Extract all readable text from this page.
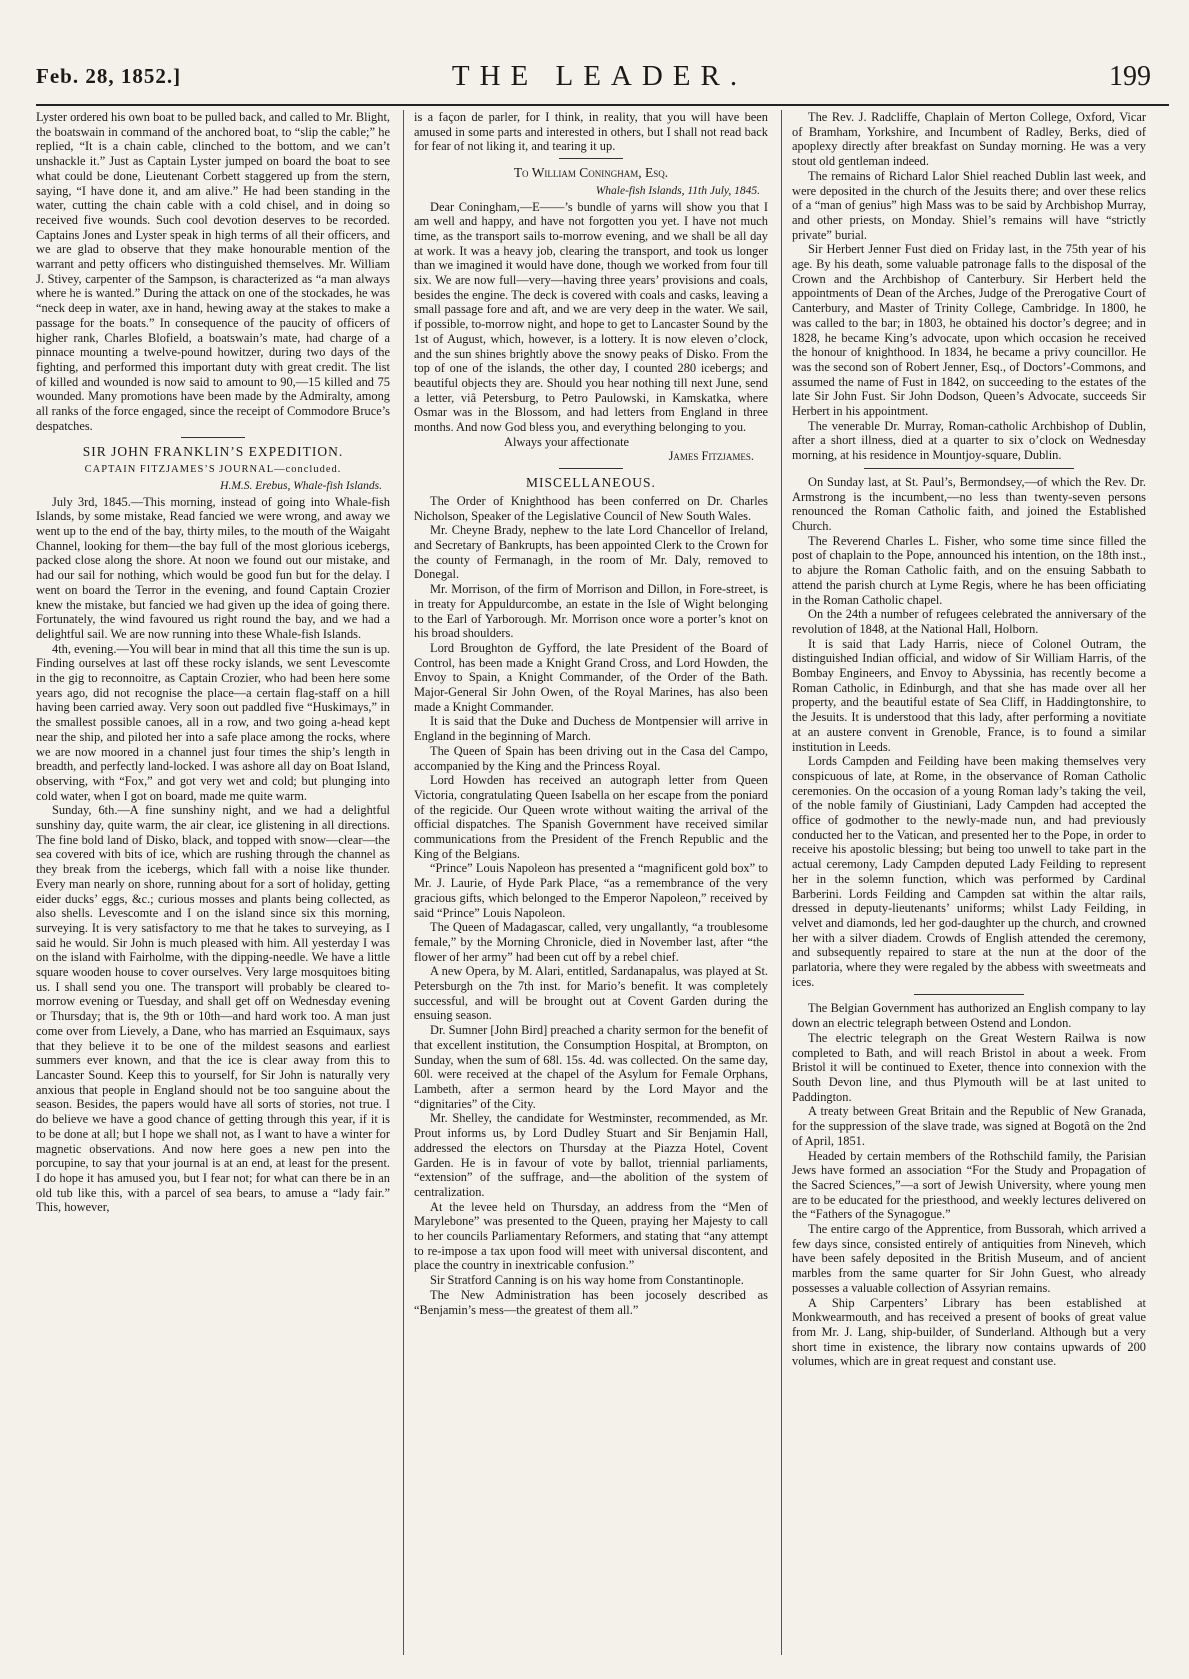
Feb. 28, 1852.]	THE LEADER.	199

Lyster ordered his own boat to be pulled back, and called to Mr. Blight, the boatswain in command of the anchored boat, to “slip the cable;” he replied, “It is a chain cable, clinched to the bottom, and we can’t unshackle it.” Just as Captain Lyster jumped on board the boat to see what could be done, Lieutenant Corbett staggered up from the stern, saying, “I have done it, and am alive.” He had been standing in the water, cutting the chain cable with a cold chisel, and in doing so received five wounds. Such cool devotion deserves to be recorded. Captains Jones and Lyster speak in high terms of all their officers, and we are glad to observe that they make honourable mention of the warrant and petty officers who distinguished themselves. Mr. William J. Stivey, carpenter of the Sampson, is characterized as “a man always where he is wanted.” During the attack on one of the stockades, he was “neck deep in water, axe in hand, hewing away at the stakes to make a passage for the boats.” In consequence of the paucity of officers of higher rank, Charles Blofield, a boatswain’s mate, had charge of a pinnace mounting a twelve-pound howitzer, during two days of the fighting, and performed this important duty with great credit. The list of killed and wounded is now said to amount to 90,—15 killed and 75 wounded. Many promotions have been made by the Admiralty, among all ranks of the force engaged, since the receipt of Commodore Bruce’s despatches.

SIR JOHN FRANKLIN’S EXPEDITION.
CAPTAIN FITZJAMES’S JOURNAL—concluded.
H.M.S. Erebus, Whale-fish Islands.

July 3rd, 1845.—This morning, instead of going into Whale-fish Islands, by some mistake, Read fancied we were wrong, and away we went up to the end of the bay, thirty miles, to the mouth of the Waigaht Channel, looking for them—the bay full of the most glorious icebergs, packed close along the shore. At noon we found out our mistake, and had our sail for nothing, which would be good fun but for the delay. I went on board the Terror in the evening, and found Captain Crozier knew the mistake, but fancied we had given up the idea of going there. Fortunately, the wind favoured us right round the bay, and we had a delightful sail. We are now running into these Whale-fish Islands.

4th, evening.—You will bear in mind that all this time the sun is up. Finding ourselves at last off these rocky islands, we sent Levescomte in the gig to reconnoitre, as Captain Crozier, who had been here some years ago, did not recognise the place—a certain flag-staff on a hill having been carried away. Very soon out paddled five “Huskimays,” in the smallest possible canoes, all in a row, and two going a-head kept near the ship, and piloted her into a safe place among the rocks, where we are now moored in a channel just four times the ship’s length in breadth, and perfectly land-locked. I was ashore all day on Boat Island, observing, with “Fox,” and got very wet and cold; but plunging into cold water, when I got on board, made me quite warm.

Sunday, 6th.—A fine sunshiny night, and we had a delightful sunshiny day, quite warm, the air clear, ice glistening in all directions. The fine bold land of Disko, black, and topped with snow—clear—the sea covered with bits of ice, which are rushing through the channel as they break from the icebergs, which fall with a noise like thunder. Every man nearly on shore, running about for a sort of holiday, getting eider ducks’ eggs, &c.; curious mosses and plants being collected, as also shells. Levescomte and I on the island since six this morning, surveying. It is very satisfactory to me that he takes to surveying, as I said he would. Sir John is much pleased with him. All yesterday I was on the island with Fairholme, with the dipping-needle. We have a little square wooden house to cover ourselves. Very large mosquitoes biting us. I shall send you one. The transport will probably be cleared to-morrow evening or Tuesday, and shall get off on Wednesday evening or Thursday; that is, the 9th or 10th—and hard work too. A man just come over from Lievely, a Dane, who has married an Esquimaux, says that they believe it to be one of the mildest seasons and earliest summers ever known, and that the ice is clear away from this to Lancaster Sound. Keep this to yourself, for Sir John is naturally very anxious that people in England should not be too sanguine about the season. Besides, the papers would have all sorts of stories, not true. I do believe we have a good chance of getting through this year, if it is to be done at all; but I hope we shall not, as I want to have a winter for magnetic observations. And now here goes a new pen into the porcupine, to say that your journal is at an end, at least for the present. I do hope it has amused you, but I fear not; for what can there be in an old tub like this, with a parcel of sea bears, to amuse a “lady fair.” This, however,

is a façon de parler, for I think, in reality, that you will have been amused in some parts and interested in others, but I shall not read back for fear of not liking it, and tearing it up.

To William Coningham, Esq.
Whale-fish Islands, 11th July, 1845.

Dear Coningham,—E——’s bundle of yarns will show you that I am well and happy, and have not forgotten you yet. I have not much time, as the transport sails to-morrow evening, and we shall be all day at work. It was a heavy job, clearing the transport, and took us longer than we imagined it would have done, though we worked from four till six. We are now full—very—having three years’ provisions and coals, besides the engine. The deck is covered with coals and casks, leaving a small passage fore and aft, and we are very deep in the water. We sail, if possible, to-morrow night, and hope to get to Lancaster Sound by the 1st of August, which, however, is a lottery. It is now eleven o’clock, and the sun shines brightly above the snowy peaks of Disko. From the top of one of the islands, the other day, I counted 280 icebergs; and beautiful objects they are. Should you hear nothing till next June, send a letter, viâ Petersburg, to Petro Paulowski, in Kamskatka, where Osmar was in the Blossom, and had letters from England in three months. And now God bless you, and everything belonging to you.

Always your affectionate

James Fitzjames.
MISCELLANEOUS.

The Order of Knighthood has been conferred on Dr. Charles Nicholson, Speaker of the Legislative Council of New South Wales.

Mr. Cheyne Brady, nephew to the late Lord Chancellor of Ireland, and Secretary of Bankrupts, has been appointed Clerk to the Crown for the county of Fermanagh, in the room of Mr. Daly, removed to Donegal.

Mr. Morrison, of the firm of Morrison and Dillon, in Fore-street, is in treaty for Appuldurcombe, an estate in the Isle of Wight belonging to the Earl of Yarborough. Mr. Morrison once wore a porter’s knot on his broad shoulders.

Lord Broughton de Gyfford, the late President of the Board of Control, has been made a Knight Grand Cross, and Lord Howden, the Envoy to Spain, a Knight Commander, of the Order of the Bath. Major-General Sir John Owen, of the Royal Marines, has also been made a Knight Commander.

It is said that the Duke and Duchess de Montpensier will arrive in England in the beginning of March.

The Queen of Spain has been driving out in the Casa del Campo, accompanied by the King and the Princess Royal.

Lord Howden has received an autograph letter from Queen Victoria, congratulating Queen Isabella on her escape from the poniard of the regicide. Our Queen wrote without waiting the arrival of the official dispatches. The Spanish Government have received similar communications from the President of the French Republic and the King of the Belgians.

“Prince” Louis Napoleon has presented a “magnificent gold box” to Mr. J. Laurie, of Hyde Park Place, “as a remembrance of the very gracious gifts, which belonged to the Emperor Napoleon,” received by said “Prince” Louis Napoleon.

The Queen of Madagascar, called, very ungallantly, “a troublesome female,” by the Morning Chronicle, died in November last, after “the flower of her army” had been cut off by a rebel chief.

A new Opera, by M. Alari, entitled, Sardanapalus, was played at St. Petersburgh on the 7th inst. for Mario’s benefit. It was completely successful, and will be brought out at Covent Garden during the ensuing season.

Dr. Sumner [John Bird] preached a charity sermon for the benefit of that excellent institution, the Consumption Hospital, at Brompton, on Sunday, when the sum of 68l. 15s. 4d. was collected. On the same day, 60l. were received at the chapel of the Asylum for Female Orphans, Lambeth, after a sermon heard by the Lord Mayor and the “dignitaries” of the City.

Mr. Shelley, the candidate for Westminster, recommended, as Mr. Prout informs us, by Lord Dudley Stuart and Sir Benjamin Hall, addressed the electors on Thursday at the Piazza Hotel, Covent Garden. He is in favour of vote by ballot, triennial parliaments, “extension” of the suffrage, and—the abolition of the system of centralization.

At the levee held on Thursday, an address from the “Men of Marylebone” was presented to the Queen, praying her Majesty to call to her councils Parliamentary Reformers, and stating that “any attempt to re-impose a tax upon food will meet with universal discontent, and place the country in inextricable confusion.”

Sir Stratford Canning is on his way home from Constantinople.

The New Administration has been jocosely described as “Benjamin’s mess—the greatest of them all.”

The Rev. J. Radcliffe, Chaplain of Merton College, Oxford, Vicar of Bramham, Yorkshire, and Incumbent of Radley, Berks, died of apoplexy directly after breakfast on Sunday morning. He was a very stout old gentleman indeed.

The remains of Richard Lalor Shiel reached Dublin last week, and were deposited in the church of the Jesuits there; and over these relics of a “man of genius” high Mass was to be said by Archbishop Murray, and other priests, on Monday. Shiel’s remains will have “strictly private” burial.

Sir Herbert Jenner Fust died on Friday last, in the 75th year of his age. By his death, some valuable patronage falls to the disposal of the Crown and the Archbishop of Canterbury. Sir Herbert held the appointments of Dean of the Arches, Judge of the Prerogative Court of Canterbury, and Master of Trinity College, Cambridge. In 1800, he was called to the bar; in 1803, he obtained his doctor’s degree; and in 1828, he became King’s advocate, upon which occasion he received the honour of knighthood. In 1834, he became a privy councillor. He was the second son of Robert Jenner, Esq., of Doctors’-Commons, and assumed the name of Fust in 1842, on succeeding to the estates of the late Sir John Fust. Sir John Dodson, Queen’s Advocate, succeeds Sir Herbert in his appointment.

The venerable Dr. Murray, Roman-catholic Archbishop of Dublin, after a short illness, died at a quarter to six o’clock on Wednesday morning, at his residence in Mountjoy-square, Dublin.

On Sunday last, at St. Paul’s, Bermondsey,—of which the Rev. Dr. Armstrong is the incumbent,—no less than twenty-seven persons renounced the Roman Catholic faith, and joined the Established Church.

The Reverend Charles L. Fisher, who some time since filled the post of chaplain to the Pope, announced his intention, on the 18th inst., to abjure the Roman Catholic faith, and on the ensuing Sabbath to attend the parish church at Lyme Regis, where he has been officiating in the Roman Catholic chapel.

On the 24th a number of refugees celebrated the anniversary of the revolution of 1848, at the National Hall, Holborn.

It is said that Lady Harris, niece of Colonel Outram, the distinguished Indian official, and widow of Sir William Harris, of the Bombay Engineers, and Envoy to Abyssinia, has recently become a Roman Catholic, in Edinburgh, and that she has made over all her property, and the beautiful estate of Sea Cliff, in Haddingtonshire, to the Jesuits. It is understood that this lady, after performing a novitiate at an austere convent in Grenoble, France, is to found a similar institution in Leeds.

Lords Campden and Feilding have been making themselves very conspicuous of late, at Rome, in the observance of Roman Catholic ceremonies. On the occasion of a young Roman lady’s taking the veil, of the noble family of Giustiniani, Lady Campden had accepted the office of godmother to the newly-made nun, and had previously conducted her to the Vatican, and presented her to the Pope, in order to receive his apostolic blessing; but being too unwell to take part in the actual ceremony, Lady Campden deputed Lady Feilding to represent her in the solemn function, which was performed by Cardinal Barberini. Lords Feilding and Campden sat within the altar rails, dressed in deputy-lieutenants’ uniforms; whilst Lady Feilding, in velvet and diamonds, led her god-daughter up the church, and crowned her with a silver diadem. Crowds of English attended the ceremony, and subsequently repaired to stare at the nun at the door of the parlatoria, where they were regaled by the abbess with sweetmeats and ices.

The Belgian Government has authorized an English company to lay down an electric telegraph between Ostend and London.

The electric telegraph on the Great Western Railwa is now completed to Bath, and will reach Bristol in about a week. From Bristol it will be continued to Exeter, thence into connexion with the South Devon line, and thus Plymouth will be at last united to Paddington.

A treaty between Great Britain and the Republic of New Granada, for the suppression of the slave trade, was signed at Bogotâ on the 2nd of April, 1851.

Headed by certain members of the Rothschild family, the Parisian Jews have formed an association “For the Study and Propagation of the Sacred Sciences,”—a sort of Jewish University, where young men are to be educated for the priesthood, and weekly lectures delivered on the “Fathers of the Synagogue.”

The entire cargo of the Apprentice, from Bussorah, which arrived a few days since, consisted entirely of antiquities from Nineveh, which have been safely deposited in the British Museum, and of ancient marbles from the same quarter for Sir John Guest, who already possesses a valuable collection of Assyrian remains.

A Ship Carpenters’ Library has been established at Monkwearmouth, and has received a present of books of great value from Mr. J. Lang, ship-builder, of Sunderland. Although but a very short time in existence, the library now contains upwards of 200 volumes, which are in great request and constant use.
